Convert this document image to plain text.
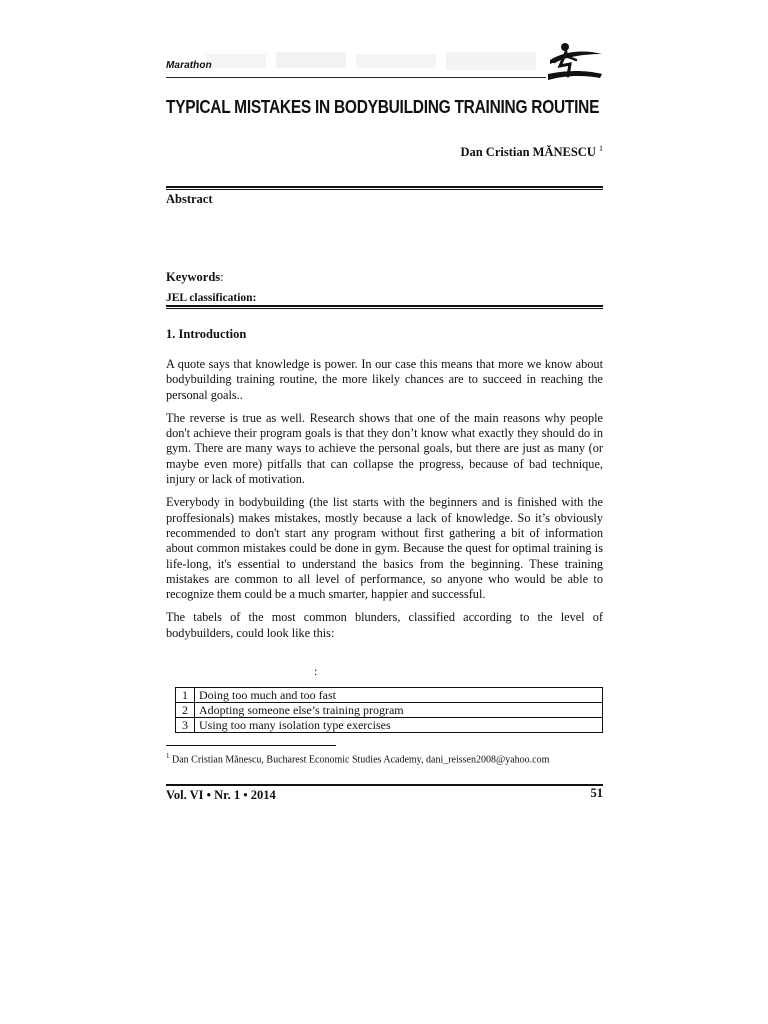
Marathon
TYPICAL MISTAKES IN BODYBUILDING TRAINING ROUTINE
Dan Cristian MĂNESCU $^1$
Abstract
Keywords:
JEL classification:
1. Introduction

A quote says that knowledge is power. In our case this means that more we know about bodybuilding training routine, the more likely chances are to succeed in reaching the personal goals..

The reverse is true as well. Research shows that one of the main reasons why people don't achieve their program goals is that they don’t know what exactly they should do in gym. There are many ways to achieve the personal goals, but there are just as many (or maybe even more) pitfalls that can collapse the progress, because of bad technique, injury or lack of motivation.

Everybody in bodybuilding (the list starts with the beginners and is finished with the proffesionals) makes mistakes, mostly because a lack of knowledge. So it’s obviously recommended to don't start any program without first gathering a bit of information about common mistakes could be done in gym. Because the quest for optimal training is life-long, it's essential to understand the basics from the beginning. These training mistakes are common to all level of performance, so anyone who would be able to recognize them could be a much smarter, happier and successful.

The tabels of the most common blunders, classified according to the level of bodybuilders, could look like this:

:
1	Doing too much and too fast
2	Adopting someone else’s training program
3	Using too many isolation type exercises
$^1$ Dan Cristian Mănescu, Bucharest Economic Studies Academy, dani_reissen2008@yahoo.com
Vol. VI • Nr. 1 • 2014	51
